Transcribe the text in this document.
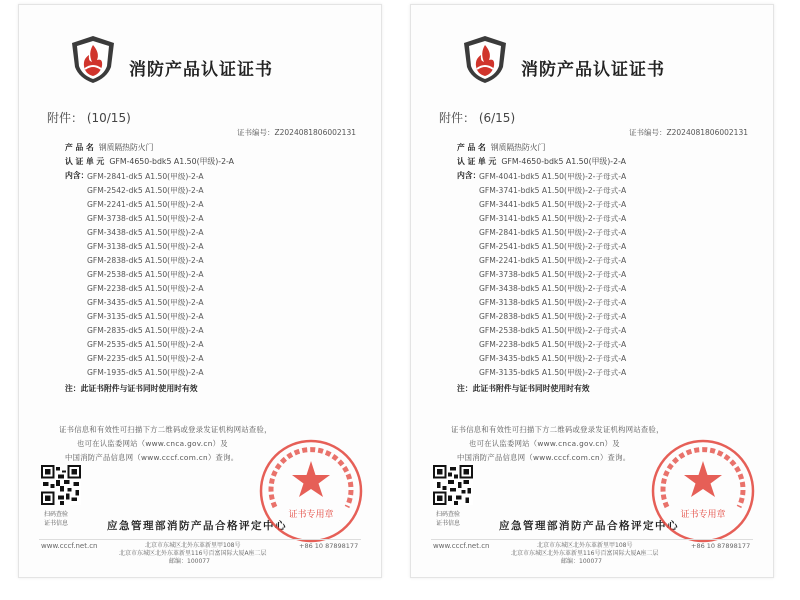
消防产品认证证书
附件： (10/15)
证书编号：Z2024081806002131
产 品 名 钢质隔热防火门
认 证 单 元 GFM-4650-bdk5 A1.50(甲级)-2-A
内含：
GFM-2841-dk5 A1.50(甲级)-2-A
GFM-2542-dk5 A1.50(甲级)-2-A
GFM-2241-dk5 A1.50(甲级)-2-A
GFM-3738-dk5 A1.50(甲级)-2-A
GFM-3438-dk5 A1.50(甲级)-2-A
GFM-3138-dk5 A1.50(甲级)-2-A
GFM-2838-dk5 A1.50(甲级)-2-A
GFM-2538-dk5 A1.50(甲级)-2-A
GFM-2238-dk5 A1.50(甲级)-2-A
GFM-3435-dk5 A1.50(甲级)-2-A
GFM-3135-dk5 A1.50(甲级)-2-A
GFM-2835-dk5 A1.50(甲级)-2-A
GFM-2535-dk5 A1.50(甲级)-2-A
GFM-2235-dk5 A1.50(甲级)-2-A
GFM-1935-dk5 A1.50(甲级)-2-A
注：此证书附件与证书同时使用时有效
证书信息和有效性可扫描下方二维码或登录发证机构网站查验，
也可在认监委网站（www.cnca.gov.cn）及
中国消防产品信息网（www.cccf.com.cn）查询。
扫码查验
证书信息	应急管理部消防产品合格评定中心
证书专用章
www.cccf.net.cn	北京市东城区北外东革新里甲108号
北京市东城区北外东革新里116号百富国际大厦A座二层
邮编：100077
+86 10 87898177
消防产品认证证书
附件： (6/15)
证书编号：Z2024081806002131
产 品 名 钢质隔热防火门
认 证 单 元 GFM-4650-bdk5 A1.50(甲级)-2-A
内含：
GFM-4041-bdk5 A1.50(甲级)-2-子母式-A
GFM-3741-bdk5 A1.50(甲级)-2-子母式-A
GFM-3441-bdk5 A1.50(甲级)-2-子母式-A
GFM-3141-bdk5 A1.50(甲级)-2-子母式-A
GFM-2841-bdk5 A1.50(甲级)-2-子母式-A
GFM-2541-bdk5 A1.50(甲级)-2-子母式-A
GFM-2241-bdk5 A1.50(甲级)-2-子母式-A
GFM-3738-bdk5 A1.50(甲级)-2-子母式-A
GFM-3438-bdk5 A1.50(甲级)-2-子母式-A
GFM-3138-bdk5 A1.50(甲级)-2-子母式-A
GFM-2838-bdk5 A1.50(甲级)-2-子母式-A
GFM-2538-bdk5 A1.50(甲级)-2-子母式-A
GFM-2238-bdk5 A1.50(甲级)-2-子母式-A
GFM-3435-bdk5 A1.50(甲级)-2-子母式-A
GFM-3135-bdk5 A1.50(甲级)-2-子母式-A
注：此证书附件与证书同时使用时有效
证书信息和有效性可扫描下方二维码或登录发证机构网站查验，
也可在认监委网站（www.cnca.gov.cn）及
中国消防产品信息网（www.cccf.com.cn）查询。
扫码查验
证书信息	应急管理部消防产品合格评定中心
证书专用章
www.cccf.net.cn	北京市东城区北外东革新里甲108号
北京市东城区北外东革新里116号百富国际大厦A座二层
邮编：100077
+86 10 87898177
